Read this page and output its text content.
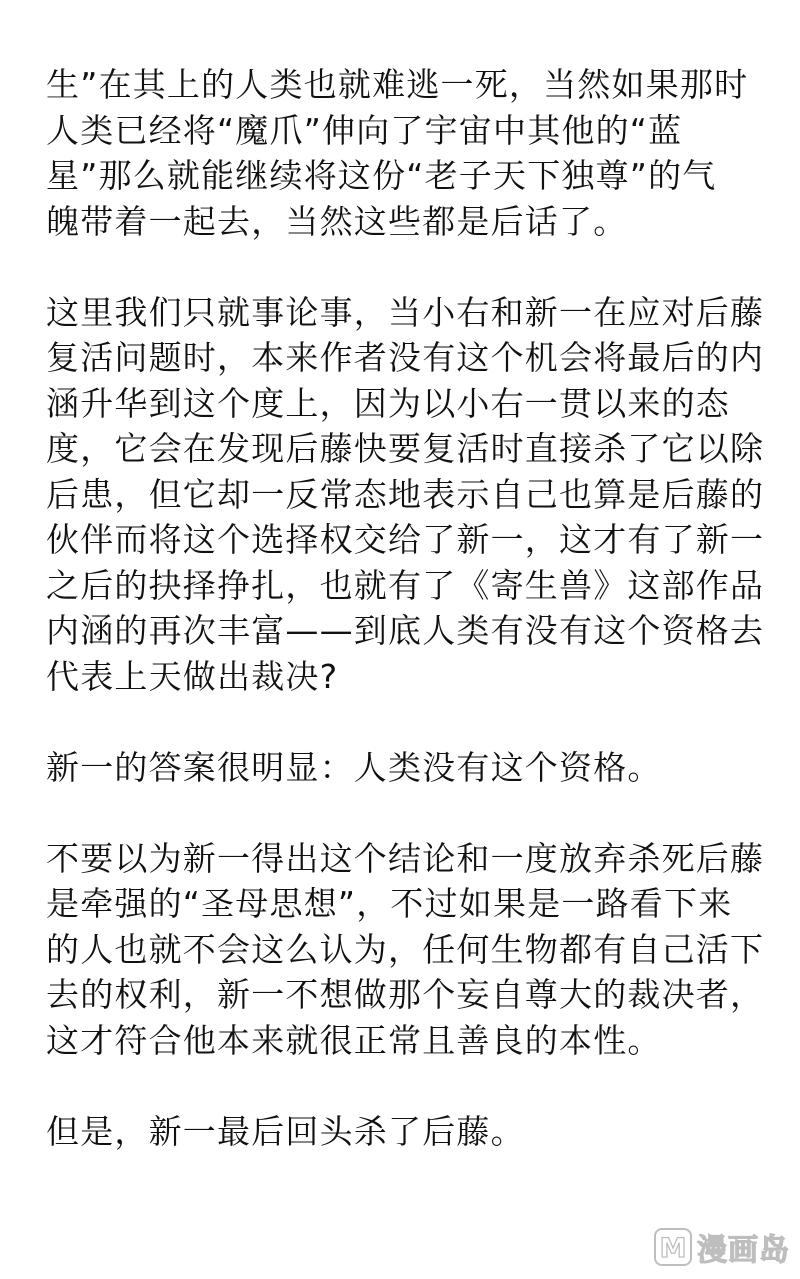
生”在其上的人类也就难逃一死，当然如果那时
人类已经将“魔爪”伸向了宇宙中其他的“蓝
星”那么就能继续将这份“老子天下独尊”的气
魄带着一起去，当然这些都是后话了。
这里我们只就事论事，当小右和新一在应对后藤
复活问题时，本来作者没有这个机会将最后的内
涵升华到这个度上，因为以小右一贯以来的态
度，它会在发现后藤快要复活时直接杀了它以除
后患，但它却一反常态地表示自己也算是后藤的
伙伴而将这个选择权交给了新一，这才有了新一
之后的抉择挣扎，也就有了《寄生兽》这部作品
内涵的再次丰富——到底人类有没有这个资格去
代表上天做出裁决?
新一的答案很明显：人类没有这个资格。
不要以为新一得出这个结论和一度放弃杀死后藤
是牵强的“圣母思想”，不过如果是一路看下来
的人也就不会这么认为，任何生物都有自己活下
去的权利，新一不想做那个妄自尊大的裁决者，
这才符合他本来就很正常且善良的本性。
但是，新一最后回头杀了后藤。
M 漫画岛
